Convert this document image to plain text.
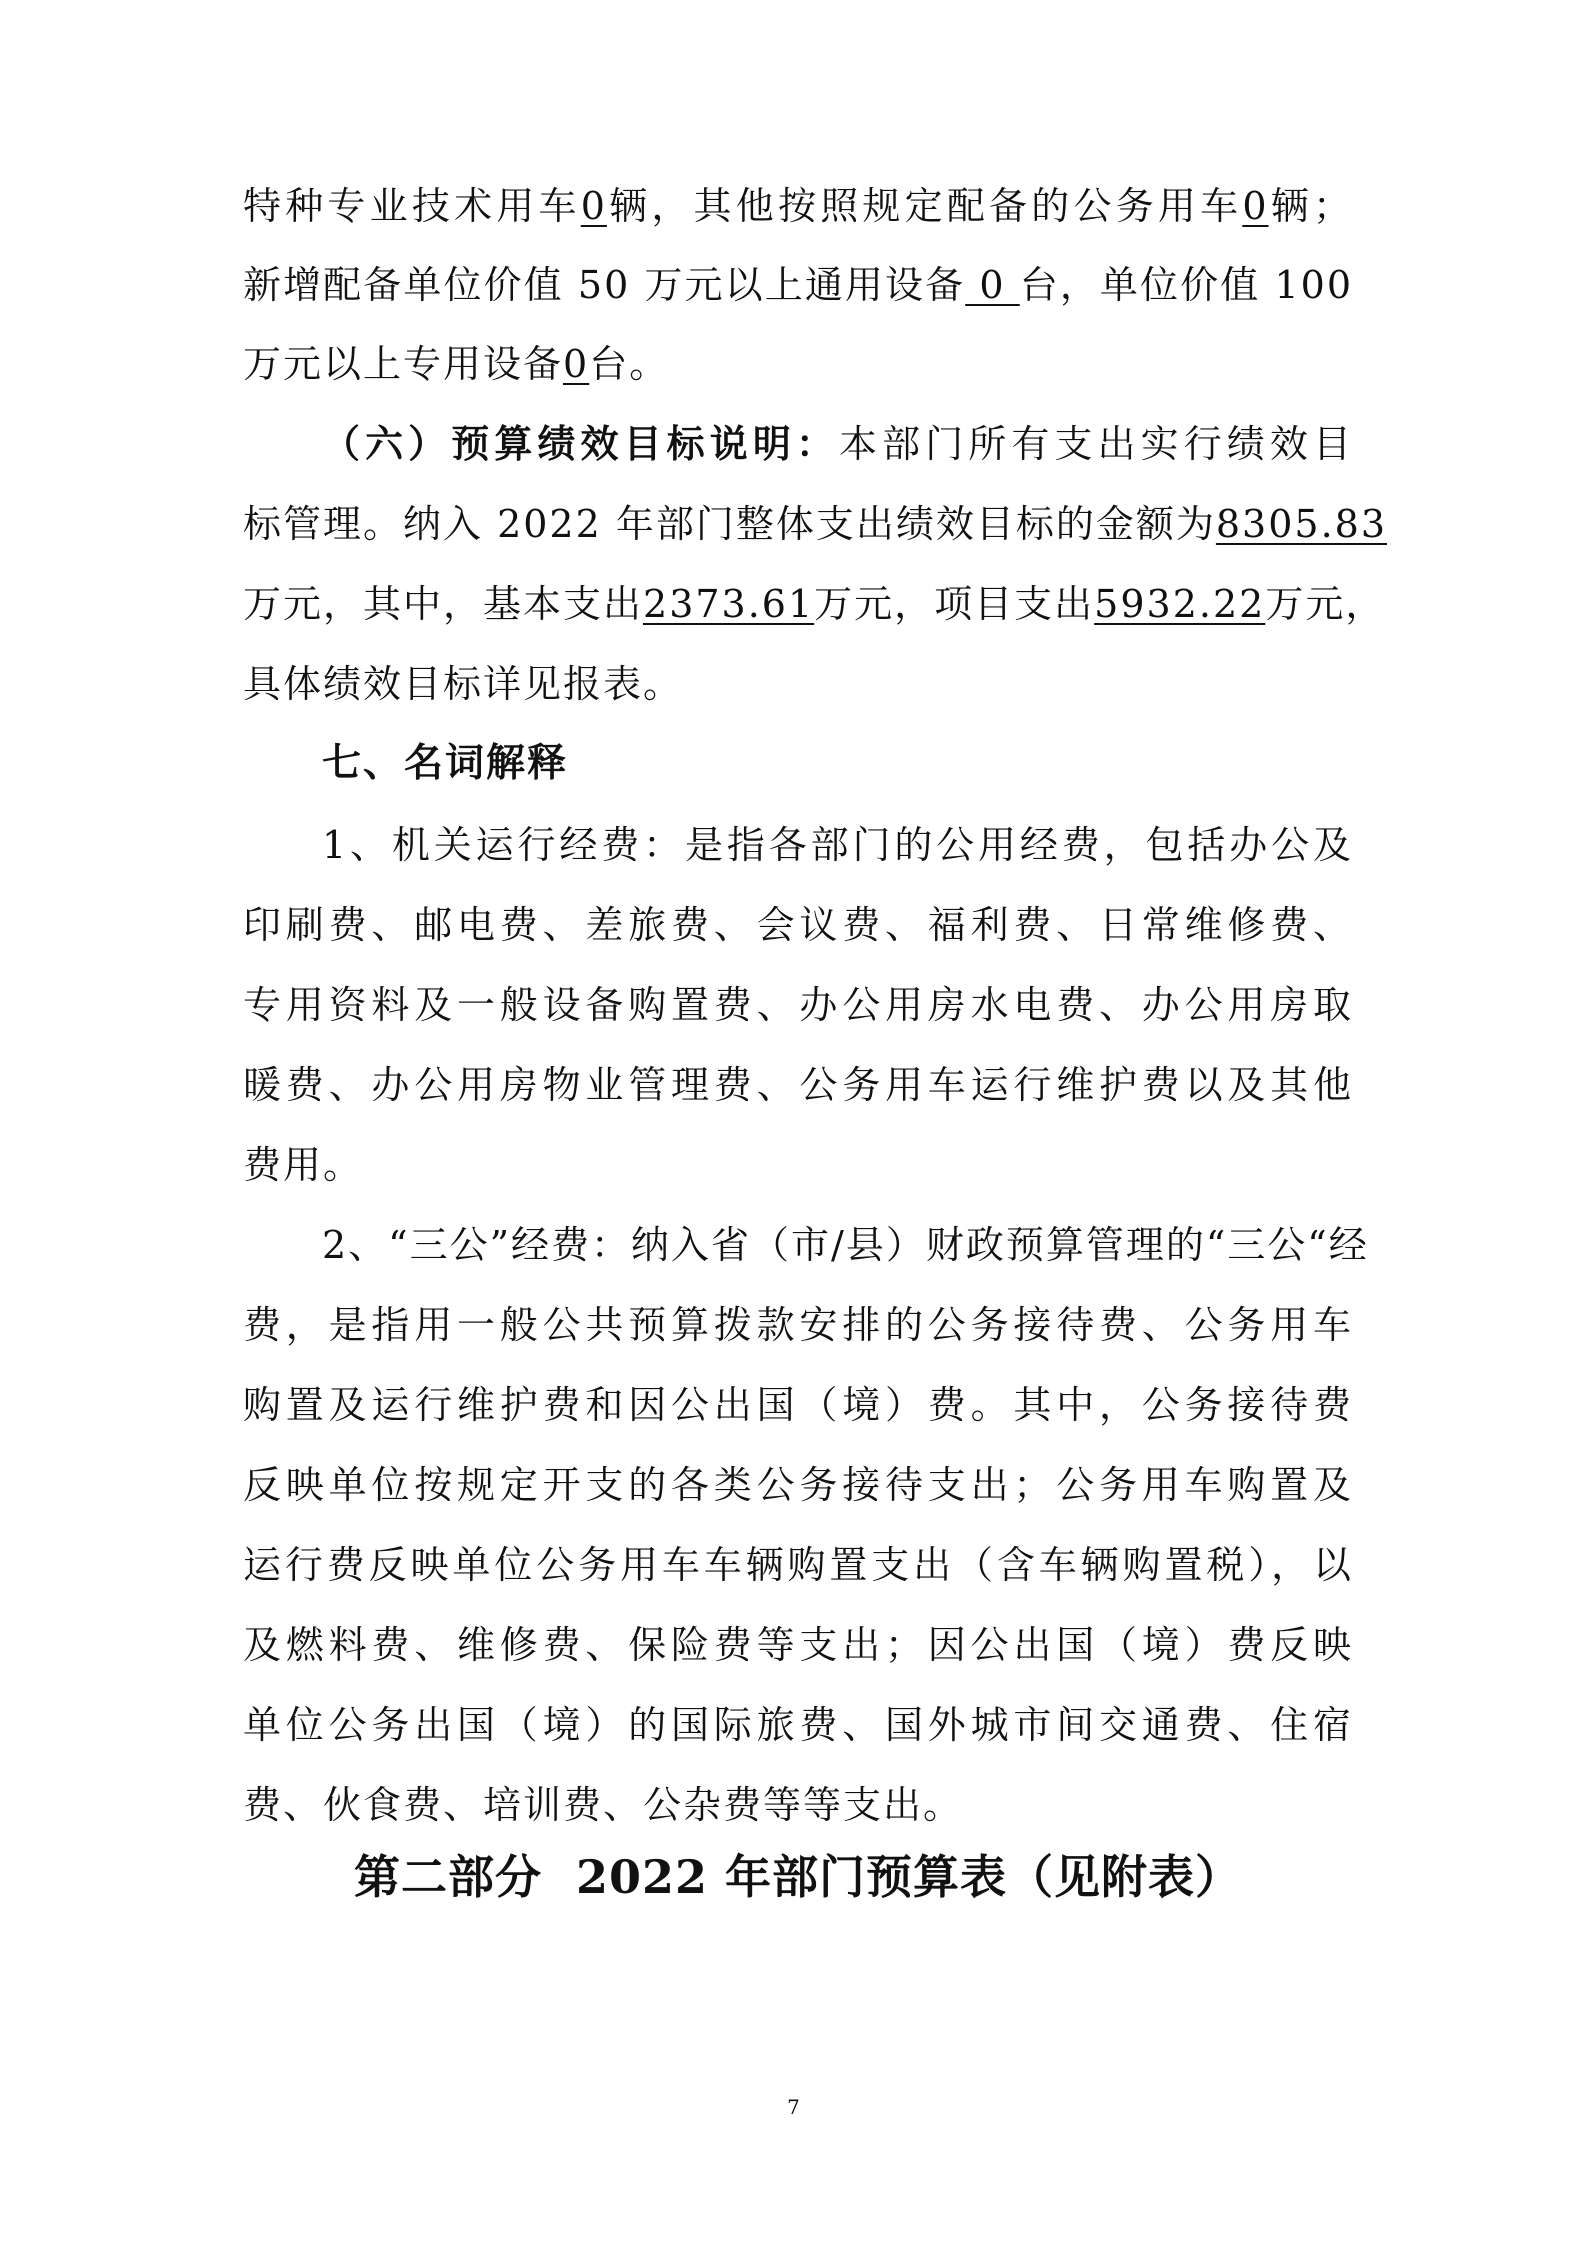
特种专业技术用车0辆，其他按照规定配备的公务用车0辆；
新增配备单位价值 50 万元以上通用设备 0 台，单位价值 100
万元以上专用设备0台。
（六）预算绩效目标说明：本部门所有支出实行绩效目
标管理。纳入 2022 年部门整体支出绩效目标的金额为8305.83
万元，其中，基本支出2373.61万元，项目支出5932.22万元，
具体绩效目标详见报表。
七、名词解释
1、机关运行经费：是指各部门的公用经费，包括办公及
印刷费、邮电费、差旅费、会议费、福利费、日常维修费、
专用资料及一般设备购置费、办公用房水电费、办公用房取
暖费、办公用房物业管理费、公务用车运行维护费以及其他
费用。
2、“三公”经费：纳入省（市/县）财政预算管理的“三公“经
费，是指用一般公共预算拨款安排的公务接待费、公务用车
购置及运行维护费和因公出国（境）费。其中，公务接待费
反映单位按规定开支的各类公务接待支出；公务用车购置及
运行费反映单位公务用车车辆购置支出（含车辆购置税），以
及燃料费、维修费、保险费等支出；因公出国（境）费反映
单位公务出国（境）的国际旅费、国外城市间交通费、住宿
费、伙食费、培训费、公杂费等等支出。
第二部分  2022 年部门预算表（见附表）
7
